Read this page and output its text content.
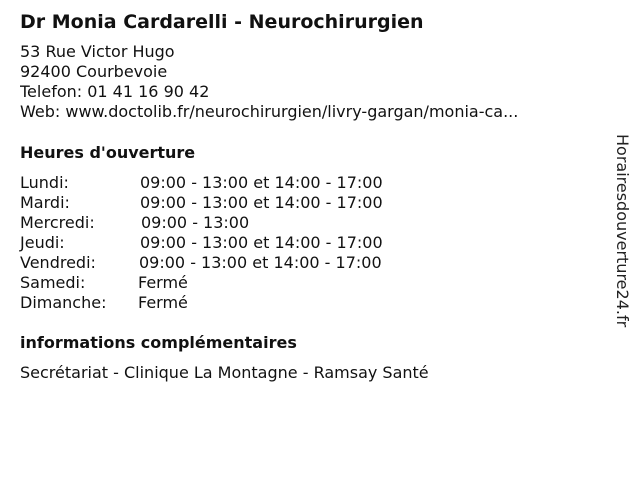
Dr Monia Cardarelli - Neurochirurgien
53 Rue Victor Hugo
92400 Courbevoie
Telefon: 01 41 16 90 42
Web: www.doctolib.fr/neurochirurgien/livry-gargan/monia-ca...
Heures d'ouverture
Lundi:	09:00 - 13:00 et 14:00 - 17:00
Mardi:	09:00 - 13:00 et 14:00 - 17:00
Mercredi:	09:00 - 13:00
Jeudi:	09:00 - 13:00 et 14:00 - 17:00
Vendredi:	09:00 - 13:00 et 14:00 - 17:00
Samedi:	Fermé
Dimanche:	Fermé
informations complémentaires
Secrétariat - Clinique La Montagne - Ramsay Santé
Horairesdouverture24.fr
